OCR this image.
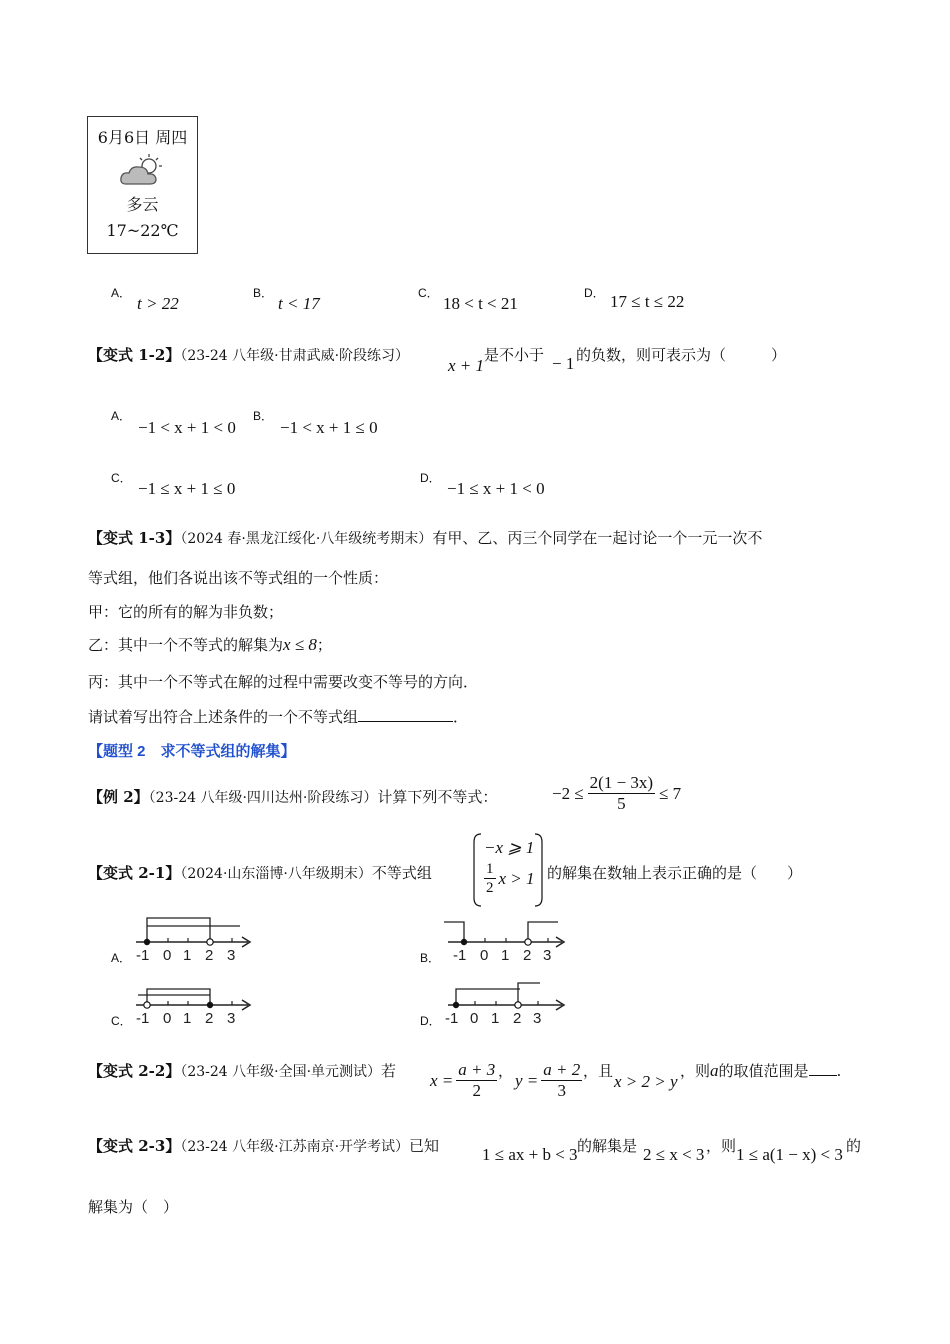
6月6日 周四
多云
17~22℃
A．
t > 22
B．
t < 17
C．
18 < t < 21
D． 17 ≤ t ≤ 22
【变式 1-2】（23-24 八年级·甘肃武威·阶段练习） x + 1
是不小于 − 1 的负数，则可表示为（　　　）
A．
−1 < x + 1 < 0
B．
−1 < x + 1 ≤ 0
C．
−1 ≤ x + 1 ≤ 0
D．
−1 ≤ x + 1 < 0
【变式 1-3】（2024 春·黑龙江绥化·八年级统考期末）有甲、乙、丙三个同学在一起讨论一个一元一次不
等式组，他们各说出该不等式组的一个性质：
甲：它的所有的解为非负数；
乙：其中一个不等式的解集为x ≤ 8；
丙：其中一个不等式在解的过程中需要改变不等号的方向．
请试着写出符合上述条件的一个不等式组	．
【题型 2　求不等式组的解集】
【例 2】（23-24 八年级·四川达州·阶段练习）计算下列不等式：	$-2 \le \frac{2(1 - 3x)}{5} \le 7$
【变式 2-1】（2024·山东淄博·八年级期末）不等式组
−x ⩾ 1
$\frac{1}{2}$ x > 1 的解集在数轴上表示正确的是（　　）
A． -1 0 1 2 3	B． -1 0 1 2 3
C． -1 0 1 2 3	D． -1 0 1 2 3
【变式 2-2】（23-24 八年级·全国·单元测试）若 $x = \frac{a + 3}{2}$ ， $y = \frac{a + 2}{3}$ ，且
x > 2 > y
，则a的取值范围是 .
【变式 2-3】（23-24 八年级·江苏南京·开学考试）已知	1 ≤ ax + b < 3 的解集是 2 ≤ x < 3 ，则 1 ≤ a(1 − x) < 3 的
解集为（　）
